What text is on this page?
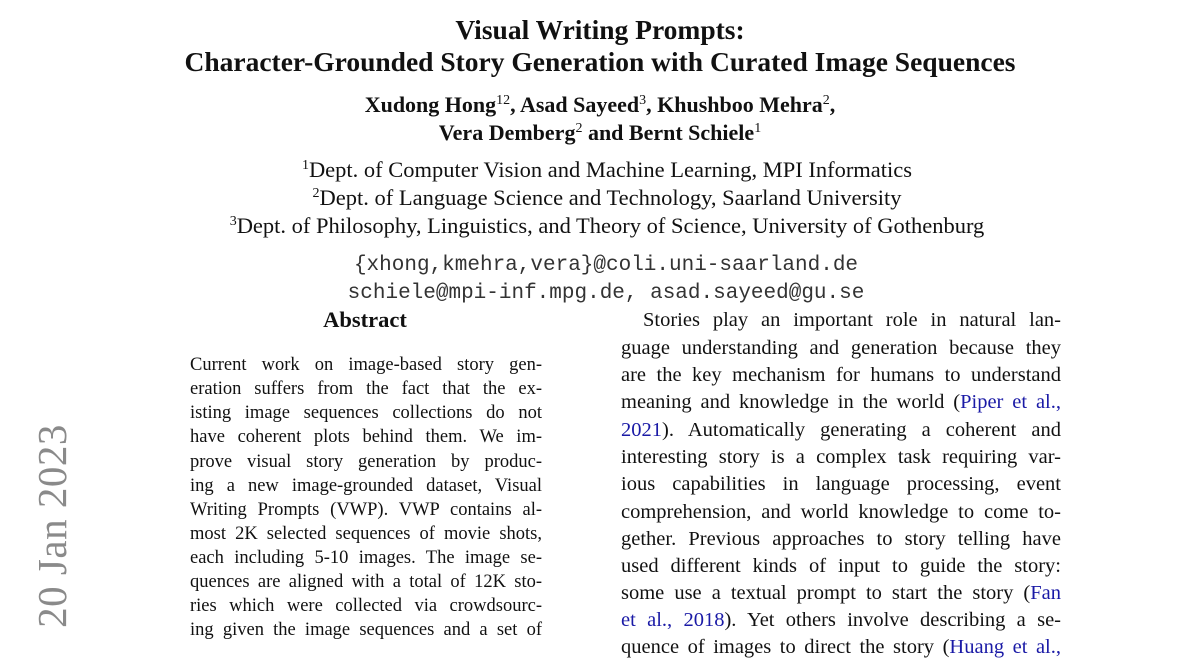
Visual Writing Prompts:
Character-Grounded Story Generation with Curated Image Sequences
Xudong Hong$^{12}$, Asad Sayeed$^3$, Khushboo Mehra$^2$,
Vera Demberg$^2$ and Bernt Schiele$^1$
$^1$Dept. of Computer Vision and Machine Learning, MPI Informatics
$^2$Dept. of Language Science and Technology, Saarland University
$^3$Dept. of Philosophy, Linguistics, and Theory of Science, University of Gothenburg
{xhong,kmehra,vera}@coli.uni-saarland.de
schiele@mpi-inf.mpg.de, asad.sayeed@gu.se
Abstract
Current work on image-based story gen-
eration suffers from the fact that the ex-
isting image sequences collections do not
have coherent plots behind them. We im-
prove visual story generation by produc-
ing a new image-grounded dataset, Visual
Writing Prompts (VWP). VWP contains al-
most 2K selected sequences of movie shots,
each including 5-10 images. The image se-
quences are aligned with a total of 12K sto-
ries which were collected via crowdsourc-
ing given the image sequences and a set of
Stories play an important role in natural lan-
guage understanding and generation because they
are the key mechanism for humans to understand
meaning and knowledge in the world (Piper et al.,
2021). Automatically generating a coherent and
interesting story is a complex task requiring var-
ious capabilities in language processing, event
comprehension, and world knowledge to come to-
gether. Previous approaches to story telling have
used different kinds of input to guide the story:
some use a textual prompt to start the story (Fan
et al., 2018). Yet others involve describing a se-
quence of images to direct the story (Huang et al.,
20 Jan 2023
